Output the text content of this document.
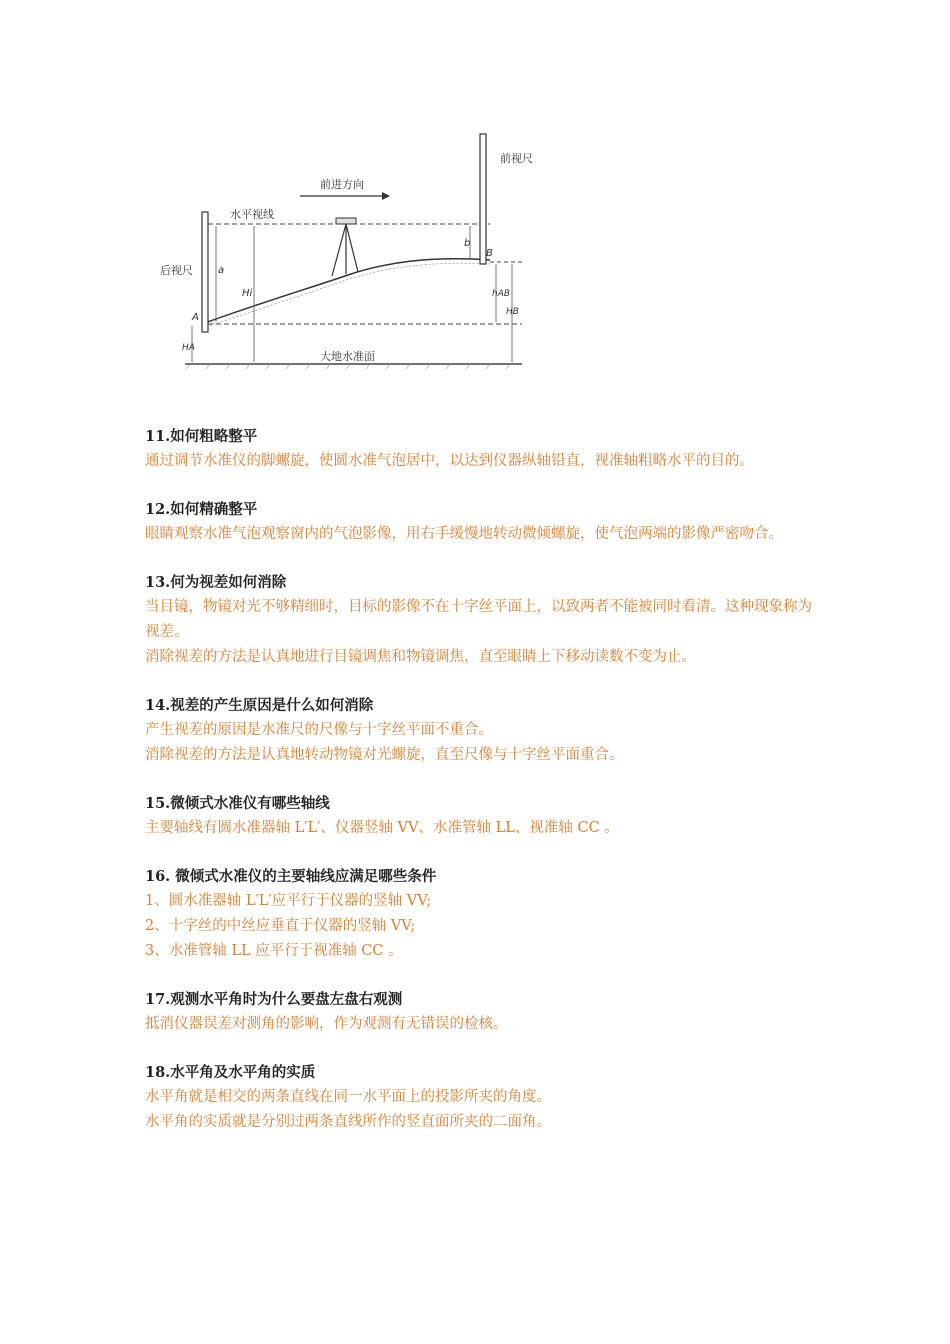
前视尺
前进方向
水平视线
后视尺	a
b
Hi	hAB
HB
HA
A
B
大地水准面
11.如何粗略整平
通过调节水准仪的脚螺旋，使圆水准气泡居中，以达到仪器纵轴铅直，视准轴粗略水平的目的。
12.如何精确整平
眼睛观察水准气泡观察窗内的气泡影像，用右手缓慢地转动微倾螺旋，使气泡两端的影像严密吻合。
13.何为视差如何消除
当目镜，物镜对光不够精细时，目标的影像不在十字丝平面上，以致两者不能被同时看清。这种现象称为视差。
消除视差的方法是认真地进行目镜调焦和物镜调焦，直至眼睛上下移动读数不变为止。
14.视差的产生原因是什么如何消除
产生视差的原因是水准尺的尺像与十字丝平面不重合。
消除视差的方法是认真地转动物镜对光螺旋，直至尺像与十字丝平面重合。
15.微倾式水准仪有哪些轴线
主要轴线有圆水准器轴 L′L′、仪器竖轴 VV、水准管轴 LL、视准轴 CC 。
16. 微倾式水准仪的主要轴线应满足哪些条件
1、圆水准器轴 L′L′应平行于仪器的竖轴 VV;
2、十字丝的中丝应垂直于仪器的竖轴 VV;
3、水准管轴 LL 应平行于视准轴 CC 。
17.观测水平角时为什么要盘左盘右观测
抵消仪器误差对测角的影响，作为观测有无错误的检核。
18.水平角及水平角的实质
水平角就是相交的两条直线在同一水平面上的投影所夹的角度。
水平角的实质就是分别过两条直线所作的竖直面所夹的二面角。
